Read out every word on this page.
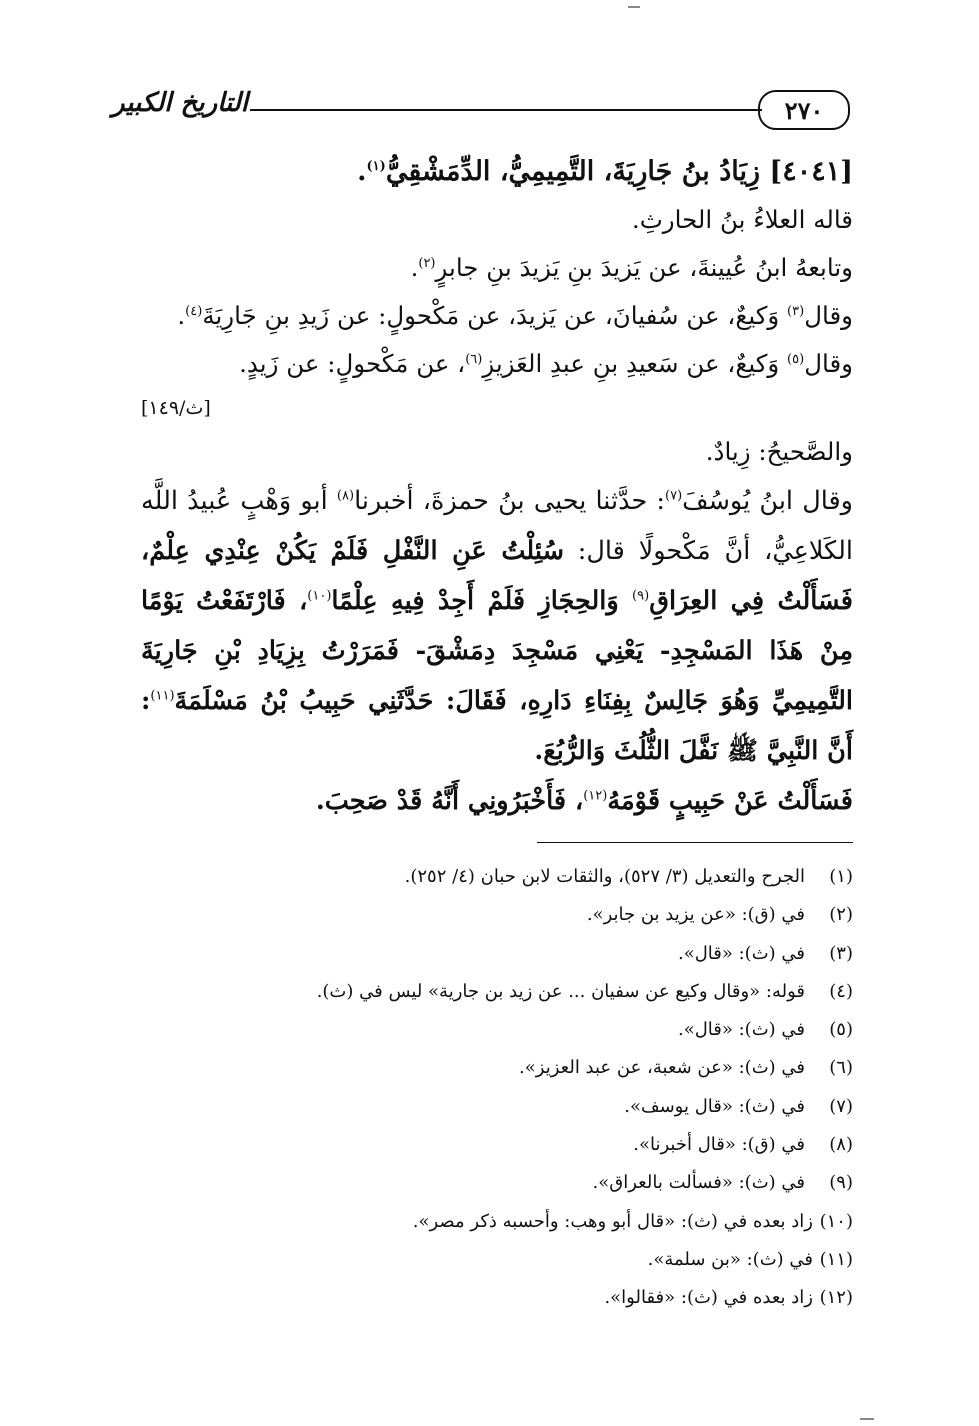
٢٧٠
التاريخ الكبير

[٤٠٤١] زِيَادُ بنُ جَارِيَةَ، التَّمِيمِيُّ، الدِّمَشْقِيُّ$^{(١)}$.

قاله العلاءُ بنُ الحارثِ.

وتابعهُ ابنُ عُيينةَ، عن يَزيدَ بنِ يَزيدَ بنِ جابرٍ$^{(٢)}$.

وقال$^{(٣)}$ وَكيعٌ، عن سُفيانَ، عن يَزيدَ، عن مَكْحولٍ: عن زَيدِ بنِ جَارِيَةَ$^{(٤)}$.

وقال$^{(٥)}$ وَكيعٌ، عن سَعيدِ بنِ عبدِ العَزيزِ$^{(٦)}$، عن مَكْحولٍ: عن زَيدٍ.

[ث/١٤٩]

والصَّحيحُ: زِيادٌ.

وقال ابنُ يُوسُفَ$^{(٧)}$: حدَّثنا يحيى بنُ حمزةَ، أخبرنا$^{(٨)}$ أبو وَهْبٍ عُبيدُ اللَّه الكَلاعِيُّ، أنَّ مَكْحولًا قال: سُئِلْتُ عَنِ النَّفْلِ فَلَمْ يَكُنْ عِنْدِي عِلْمٌ، فَسَأَلْتُ فِي العِرَاقِ$^{(٩)}$ وَالحِجَازِ فَلَمْ أَجِدْ فِيهِ عِلْمًا$^{(١٠)}$، فَارْتَفَعْتُ يَوْمًا مِنْ هَذَا المَسْجِدِ- يَعْنِي مَسْجِدَ دِمَشْقَ- فَمَرَرْتُ بِزِيَادِ بْنِ جَارِيَةَ التَّمِيمِيِّ وَهُوَ جَالِسٌ بِفِنَاءِ دَارِهِ، فَقَالَ: حَدَّثَنِي حَبِيبُ بْنُ مَسْلَمَةَ$^{(١١)}$: أَنَّ النَّبِيَّ ﷺ نَفَّلَ الثُّلُثَ وَالرُّبُعَ.

فَسَأَلْتُ عَنْ حَبِيبٍ قَوْمَهُ$^{(١٢)}$، فَأَخْبَرُونِي أَنَّهُ قَدْ صَحِبَ.

(١)
الجرح والتعديل (٣/ ٥٢٧)، والثقات لابن حبان (٤/ ٢٥٢).
(٢)
في (ق): «عن يزيد بن جابر».
(٣)
في (ث): «قال».
(٤)
قوله: «وقال وكيع عن سفيان ... عن زيد بن جارية» ليس في (ث).
(٥)
في (ث): «قال».
(٦)
في (ث): «عن شعبة، عن عبد العزيز».
(٧)
في (ث): «قال يوسف».
(٨)
في (ق): «قال أخبرنا».
(٩)
في (ث): «فسألت بالعراق».
(١٠)
زاد بعده في (ث): «قال أبو وهب: وأحسبه ذكر مصر».
(١١)
في (ث): «بن سلمة».
(١٢)
زاد بعده في (ث): «فقالوا».
